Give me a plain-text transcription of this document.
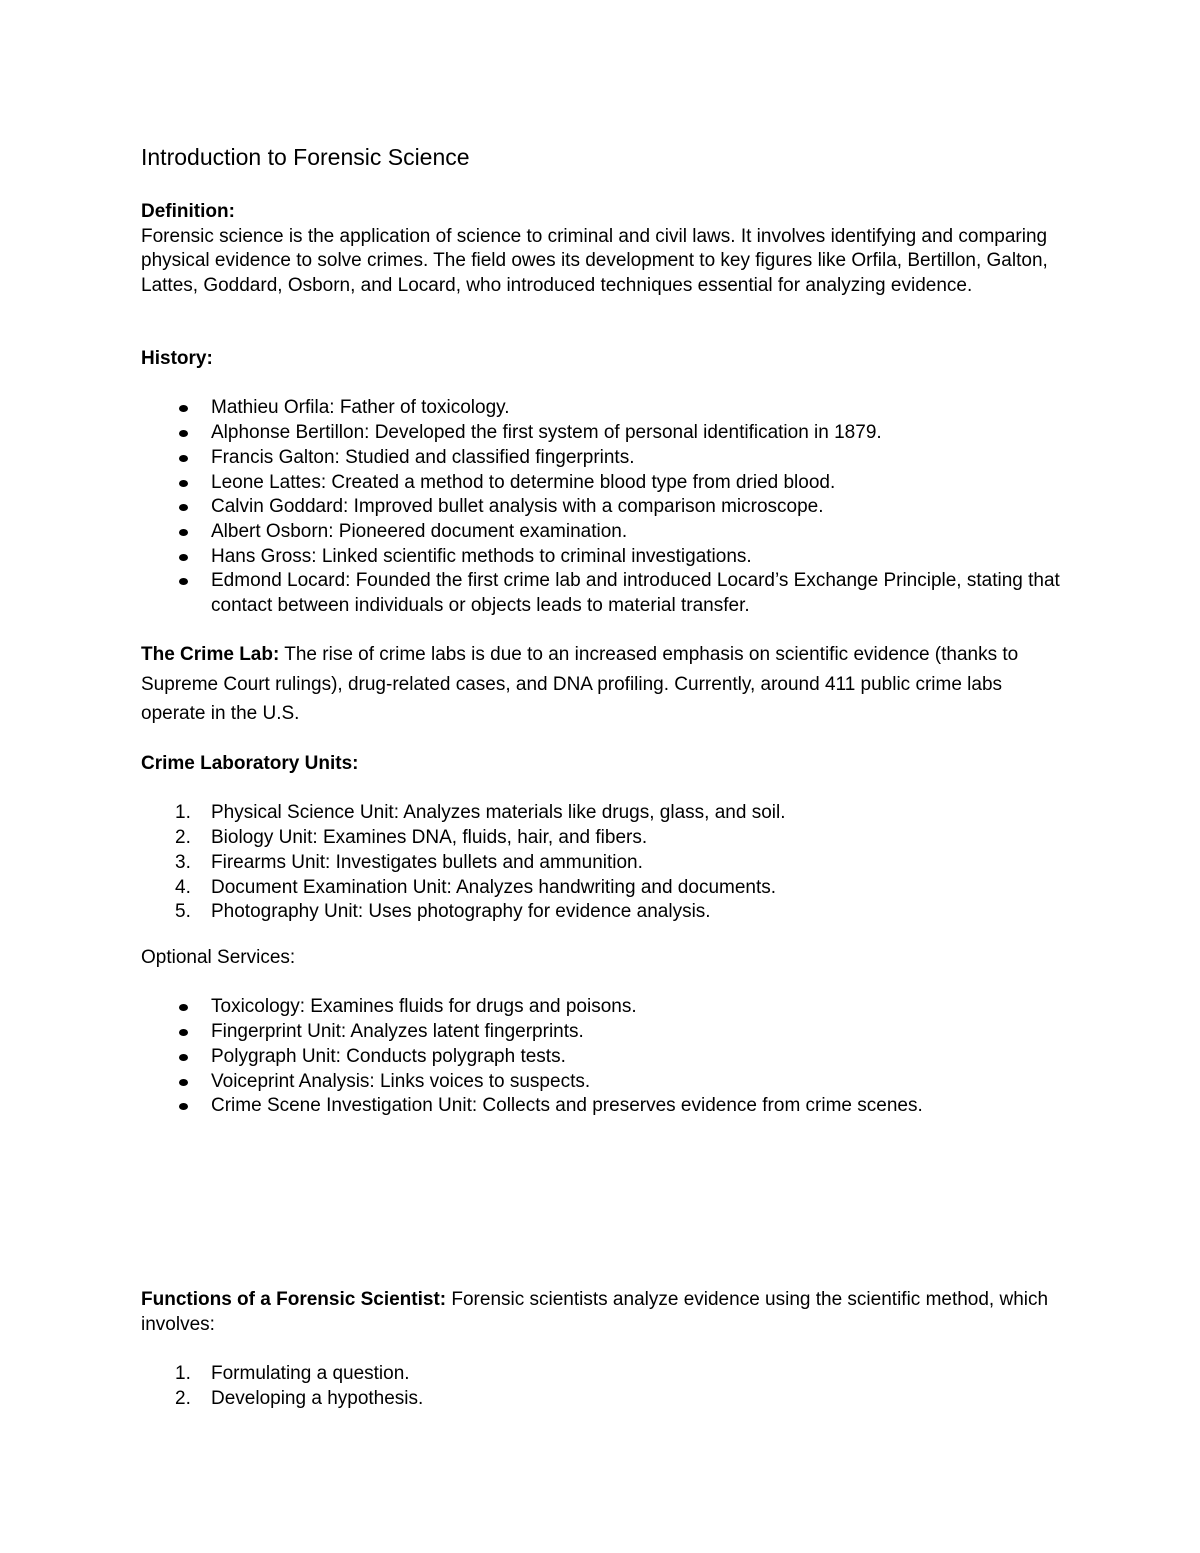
Introduction to Forensic Science

Definition:

Forensic science is the application of science to criminal and civil laws. It involves identifying and comparing physical evidence to solve crimes. The field owes its development to key figures like Orfila, Bertillon, Galton, Lattes, Goddard, Osborn, and Locard, who introduced techniques essential for analyzing evidence.

History:

Mathieu Orfila: Father of toxicology.
Alphonse Bertillon: Developed the first system of personal identification in 1879.
Francis Galton: Studied and classified fingerprints.
Leone Lattes: Created a method to determine blood type from dried blood.
Calvin Goddard: Improved bullet analysis with a comparison microscope.
Albert Osborn: Pioneered document examination.
Hans Gross: Linked scientific methods to criminal investigations.
Edmond Locard: Founded the first crime lab and introduced Locard’s Exchange Principle, stating that contact between individuals or objects leads to material transfer.

The Crime Lab: The rise of crime labs is due to an increased emphasis on scientific evidence (thanks to Supreme Court rulings), drug-related cases, and DNA profiling. Currently, around 411 public crime labs operate in the U.S.

Crime Laboratory Units:

1.	Physical Science Unit: Analyzes materials like drugs, glass, and soil.
2.	Biology Unit: Examines DNA, fluids, hair, and fibers.
3.	Firearms Unit: Investigates bullets and ammunition.
4.	Document Examination Unit: Analyzes handwriting and documents.
5.	Photography Unit: Uses photography for evidence analysis.

Optional Services:

Toxicology: Examines fluids for drugs and poisons.
Fingerprint Unit: Analyzes latent fingerprints.
Polygraph Unit: Conducts polygraph tests.
Voiceprint Analysis: Links voices to suspects.
Crime Scene Investigation Unit: Collects and preserves evidence from crime scenes.

Functions of a Forensic Scientist: Forensic scientists analyze evidence using the scientific method, which involves:

1.	Formulating a question.
2.	Developing a hypothesis.
